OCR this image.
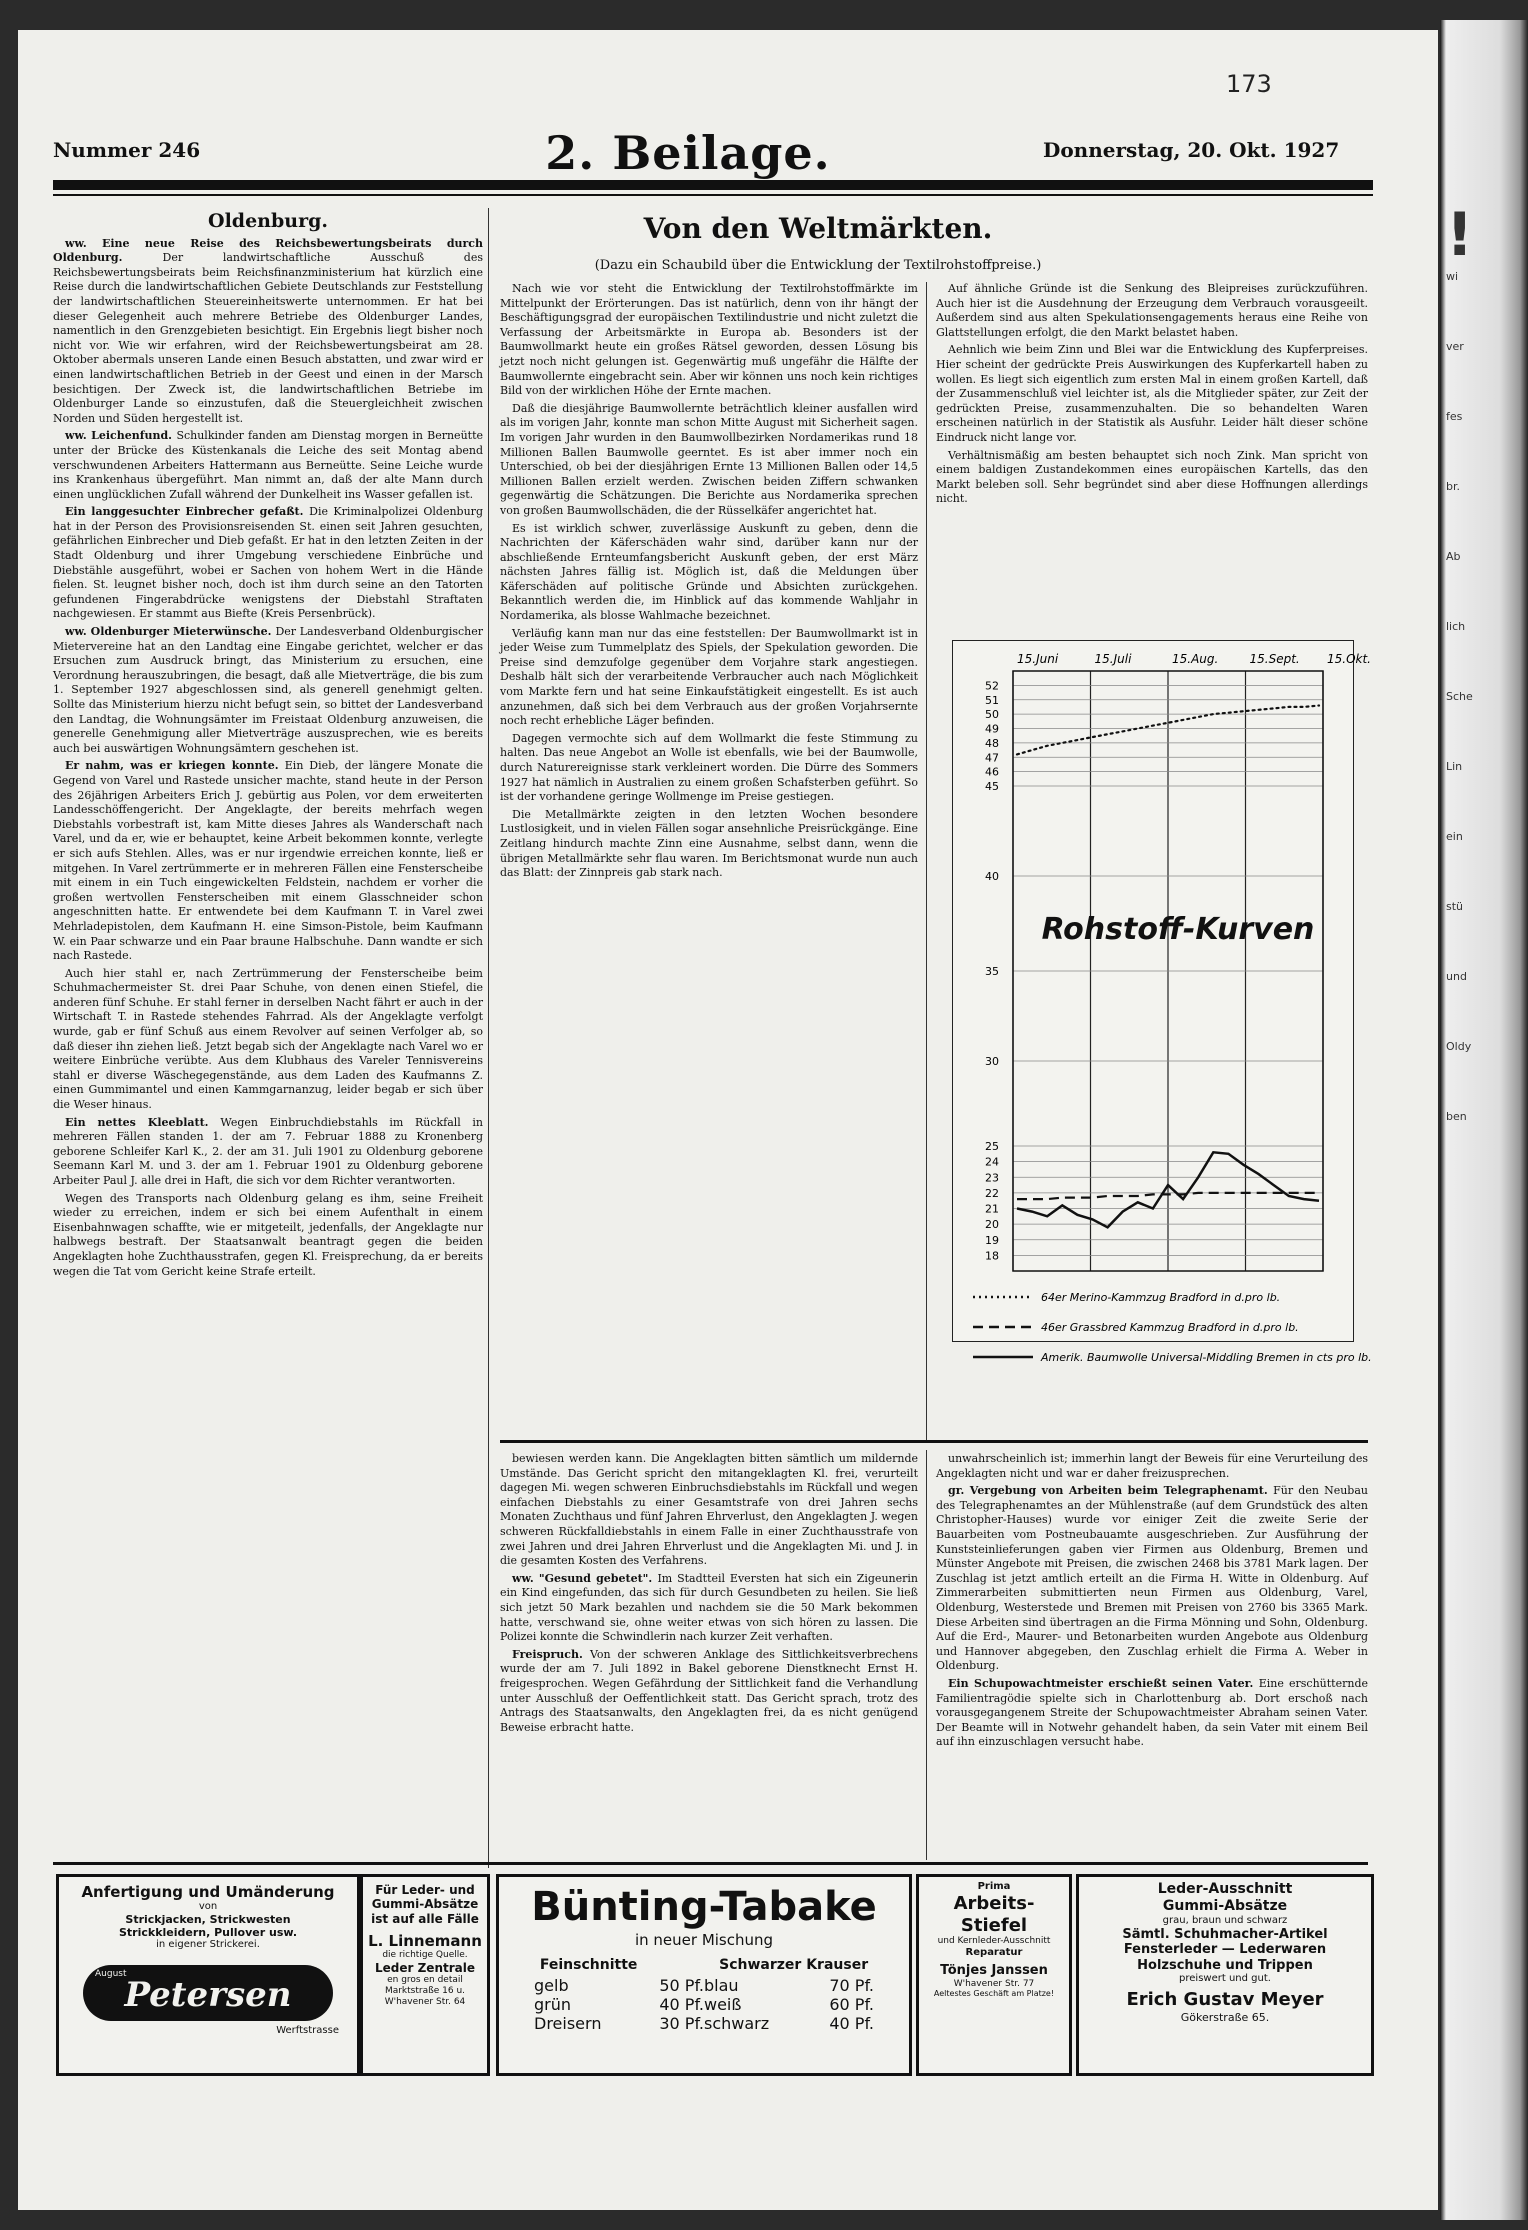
173
Nummer 246	2. Beilage.	Donnerstag, 20. Okt. 1927
Oldenburg.

ww. Eine neue Reise des Reichsbewertungsbeirats durch Oldenburg. Der landwirtschaftliche Ausschuß des Reichsbewertungsbeirats beim Reichsfinanzministerium hat kürzlich eine Reise durch die landwirtschaftlichen Gebiete Deutschlands zur Feststellung der landwirtschaftlichen Steuereinheitswerte unternommen. Er hat bei dieser Gelegenheit auch mehrere Betriebe des Oldenburger Landes, namentlich in den Grenzgebieten besichtigt. Ein Ergebnis liegt bisher noch nicht vor. Wie wir erfahren, wird der Reichsbewertungsbeirat am 28. Oktober abermals unseren Lande einen Besuch abstatten, und zwar wird er einen landwirtschaftlichen Betrieb in der Geest und einen in der Marsch besichtigen. Der Zweck ist, die landwirtschaftlichen Betriebe im Oldenburger Lande so einzustufen, daß die Steuergleichheit zwischen Norden und Süden hergestellt ist.

ww. Leichenfund. Schulkinder fanden am Dienstag morgen in Berneütte unter der Brücke des Küstenkanals die Leiche des seit Montag abend verschwundenen Arbeiters Hattermann aus Berneütte. Seine Leiche wurde ins Krankenhaus übergeführt. Man nimmt an, daß der alte Mann durch einen unglücklichen Zufall während der Dunkelheit ins Wasser gefallen ist.

Ein langgesuchter Einbrecher gefaßt. Die Kriminalpolizei Oldenburg hat in der Person des Provisionsreisenden St. einen seit Jahren gesuchten, gefährlichen Einbrecher und Dieb gefaßt. Er hat in den letzten Zeiten in der Stadt Oldenburg und ihrer Umgebung verschiedene Einbrüche und Diebstähle ausgeführt, wobei er Sachen von hohem Wert in die Hände fielen. St. leugnet bisher noch, doch ist ihm durch seine an den Tatorten gefundenen Fingerabdrücke wenigstens der Diebstahl Straftaten nachgewiesen. Er stammt aus Biefte (Kreis Persenbrück).

ww. Oldenburger Mieterwünsche. Der Landesverband Oldenburgischer Mietervereine hat an den Landtag eine Eingabe gerichtet, welcher er das Ersuchen zum Ausdruck bringt, das Ministerium zu ersuchen, eine Verordnung herauszubringen, die besagt, daß alle Mietverträge, die bis zum 1. September 1927 abgeschlossen sind, als generell genehmigt gelten. Sollte das Ministerium hierzu nicht befugt sein, so bittet der Landesverband den Landtag, die Wohnungsämter im Freistaat Oldenburg anzuweisen, die generelle Genehmigung aller Mietverträge auszusprechen, wie es bereits auch bei auswärtigen Wohnungsämtern geschehen ist.

Er nahm, was er kriegen konnte. Ein Dieb, der längere Monate die Gegend von Varel und Rastede unsicher machte, stand heute in der Person des 26jährigen Arbeiters Erich J. gebürtig aus Polen, vor dem erweiterten Landesschöffengericht. Der Angeklagte, der bereits mehrfach wegen Diebstahls vorbestraft ist, kam Mitte dieses Jahres als Wanderschaft nach Varel, und da er, wie er behauptet, keine Arbeit bekommen konnte, verlegte er sich aufs Stehlen. Alles, was er nur irgendwie erreichen konnte, ließ er mitgehen. In Varel zertrümmerte er in mehreren Fällen eine Fensterscheibe mit einem in ein Tuch eingewickelten Feldstein, nachdem er vorher die großen wertvollen Fensterscheiben mit einem Glasschneider schon angeschnitten hatte. Er entwendete bei dem Kaufmann T. in Varel zwei Mehrladepistolen, dem Kaufmann H. eine Simson-Pistole, beim Kaufmann W. ein Paar schwarze und ein Paar braune Halbschuhe. Dann wandte er sich nach Rastede.

Auch hier stahl er, nach Zertrümmerung der Fensterscheibe beim Schuhmachermeister St. drei Paar Schuhe, von denen einen Stiefel, die anderen fünf Schuhe. Er stahl ferner in derselben Nacht fährt er auch in der Wirtschaft T. in Rastede stehendes Fahrrad. Als der Angeklagte verfolgt wurde, gab er fünf Schuß aus einem Revolver auf seinen Verfolger ab, so daß dieser ihn ziehen ließ. Jetzt begab sich der Angeklagte nach Varel wo er weitere Einbrüche verübte. Aus dem Klubhaus des Vareler Tennisvereins stahl er diverse Wäschegegenstände, aus dem Laden des Kaufmanns Z. einen Gummimantel und einen Kammgarnanzug, leider begab er sich über die Weser hinaus.

Ein nettes Kleeblatt. Wegen Einbruchdiebstahls im Rückfall in mehreren Fällen standen 1. der am 7. Februar 1888 zu Kronenberg geborene Schleifer Karl K., 2. der am 31. Juli 1901 zu Oldenburg geborene Seemann Karl M. und 3. der am 1. Februar 1901 zu Oldenburg geborene Arbeiter Paul J. alle drei in Haft, die sich vor dem Richter verantworten.

Wegen des Transports nach Oldenburg gelang es ihm, seine Freiheit wieder zu erreichen, indem er sich bei einem Aufenthalt in einem Eisenbahnwagen schaffte, wie er mitgeteilt, jedenfalls, der Angeklagte nur halbwegs bestraft. Der Staatsanwalt beantragt gegen die beiden Angeklagten hohe Zuchthausstrafen, gegen Kl. Freisprechung, da er bereits wegen die Tat vom Gericht keine Strafe erteilt.

Von den Weltmärkten.
(Dazu ein Schaubild über die Entwicklung der Textilrohstoffpreise.)

Nach wie vor steht die Entwicklung der Textilrohstoffmärkte im Mittelpunkt der Erörterungen. Das ist natürlich, denn von ihr hängt der Beschäftigungsgrad der europäischen Textilindustrie und nicht zuletzt die Verfassung der Arbeitsmärkte in Europa ab. Besonders ist der Baumwollmarkt heute ein großes Rätsel geworden, dessen Lösung bis jetzt noch nicht gelungen ist. Gegenwärtig muß ungefähr die Hälfte der Baumwollernte eingebracht sein. Aber wir können uns noch kein richtiges Bild von der wirklichen Höhe der Ernte machen.

Daß die diesjährige Baumwollernte beträchtlich kleiner ausfallen wird als im vorigen Jahr, konnte man schon Mitte August mit Sicherheit sagen. Im vorigen Jahr wurden in den Baumwollbezirken Nordamerikas rund 18 Millionen Ballen Baumwolle geerntet. Es ist aber immer noch ein Unterschied, ob bei der diesjährigen Ernte 13 Millionen Ballen oder 14,5 Millionen Ballen erzielt werden. Zwischen beiden Ziffern schwanken gegenwärtig die Schätzungen. Die Berichte aus Nordamerika sprechen von großen Baumwollschäden, die der Rüsselkäfer angerichtet hat.

Es ist wirklich schwer, zuverlässige Auskunft zu geben, denn die Nachrichten der Käferschäden wahr sind, darüber kann nur der abschließende Ernteumfangsbericht Auskunft geben, der erst März nächsten Jahres fällig ist. Möglich ist, daß die Meldungen über Käferschäden auf politische Gründe und Absichten zurückgehen. Bekanntlich werden die, im Hinblick auf das kommende Wahljahr in Nordamerika, als blosse Wahlmache bezeichnet.

Verläufig kann man nur das eine feststellen: Der Baumwollmarkt ist in jeder Weise zum Tummelplatz des Spiels, der Spekulation geworden. Die Preise sind demzufolge gegenüber dem Vorjahre stark angestiegen. Deshalb hält sich der verarbeitende Verbraucher auch nach Möglichkeit vom Markte fern und hat seine Einkaufstätigkeit eingestellt. Es ist auch anzunehmen, daß sich bei dem Verbrauch aus der großen Vorjahrsernte noch recht erhebliche Läger befinden.

Dagegen vermochte sich auf dem Wollmarkt die feste Stimmung zu halten. Das neue Angebot an Wolle ist ebenfalls, wie bei der Baumwolle, durch Naturereignisse stark verkleinert worden. Die Dürre des Sommers 1927 hat nämlich in Australien zu einem großen Schafsterben geführt. So ist der vorhandene geringe Wollmenge im Preise gestiegen.

Die Metallmärkte zeigten in den letzten Wochen besondere Lustlosigkeit, und in vielen Fällen sogar ansehnliche Preisrückgänge. Eine Zeitlang hindurch machte Zinn eine Ausnahme, selbst dann, wenn die übrigen Metallmärkte sehr flau waren. Im Berichtsmonat wurde nun auch das Blatt: der Zinnpreis gab stark nach.

Auf ähnliche Gründe ist die Senkung des Bleipreises zurückzuführen. Auch hier ist die Ausdehnung der Erzeugung dem Verbrauch vorausgeeilt. Außerdem sind aus alten Spekulationsengagements heraus eine Reihe von Glattstellungen erfolgt, die den Markt belastet haben.

Aehnlich wie beim Zinn und Blei war die Entwicklung des Kupferpreises. Hier scheint der gedrückte Preis Auswirkungen des Kupferkartell haben zu wollen. Es liegt sich eigentlich zum ersten Mal in einem großen Kartell, daß der Zusammenschluß viel leichter ist, als die Mitglieder später, zur Zeit der gedrückten Preise, zusammenzuhalten. Die so behandelten Waren erscheinen natürlich in der Statistik als Ausfuhr. Leider hält dieser schöne Eindruck nicht lange vor.

Verhältnismäßig am besten behauptet sich noch Zink. Man spricht von einem baldigen Zustandekommen eines europäischen Kartells, das den Markt beleben soll. Sehr begründet sind aber diese Hoffnungen allerdings nicht.

15.Juni	15.Juli	15.Aug.	15.Sept. 15.Okt.
52
51
50
49
48
47
46
45
40
35
30
25
24
23
22
21
20
19
18
Rohstoff-Kurven
64er Merino-Kammzug Bradford in d.pro lb.
46er Grassbred Kammzug Bradford in d.pro lb.
Amerik. Baumwolle Universal-Middling Bremen in cts pro lb.

bewiesen werden kann. Die Angeklagten bitten sämtlich um mildernde Umstände. Das Gericht spricht den mitangeklagten Kl. frei, verurteilt dagegen Mi. wegen schweren Einbruchsdiebstahls im Rückfall und wegen einfachen Diebstahls zu einer Gesamtstrafe von drei Jahren sechs Monaten Zuchthaus und fünf Jahren Ehrverlust, den Angeklagten J. wegen schweren Rückfalldiebstahls in einem Falle in einer Zuchthausstrafe von zwei Jahren und drei Jahren Ehrverlust und die Angeklagten Mi. und J. in die gesamten Kosten des Verfahrens.

ww. "Gesund gebetet". Im Stadtteil Eversten hat sich ein Zigeunerin ein Kind eingefunden, das sich für durch Gesundbeten zu heilen. Sie ließ sich jetzt 50 Mark bezahlen und nachdem sie die 50 Mark bekommen hatte, verschwand sie, ohne weiter etwas von sich hören zu lassen. Die Polizei konnte die Schwindlerin nach kurzer Zeit verhaften.

Freispruch. Von der schweren Anklage des Sittlichkeitsverbrechens wurde der am 7. Juli 1892 in Bakel geborene Dienstknecht Ernst H. freigesprochen. Wegen Gefährdung der Sittlichkeit fand die Verhandlung unter Ausschluß der Oeffentlichkeit statt. Das Gericht sprach, trotz des Antrags des Staatsanwalts, den Angeklagten frei, da es nicht genügend Beweise erbracht hatte.

unwahrscheinlich ist; immerhin langt der Beweis für eine Verurteilung des Angeklagten nicht und war er daher freizusprechen.

gr. Vergebung von Arbeiten beim Telegraphenamt. Für den Neubau des Telegraphenamtes an der Mühlenstraße (auf dem Grundstück des alten Christopher-Hauses) wurde vor einiger Zeit die zweite Serie der Bauarbeiten vom Postneubauamte ausgeschrieben. Zur Ausführung der Kunststeinlieferungen gaben vier Firmen aus Oldenburg, Bremen und Münster Angebote mit Preisen, die zwischen 2468 bis 3781 Mark lagen. Der Zuschlag ist jetzt amtlich erteilt an die Firma H. Witte in Oldenburg. Auf Zimmerarbeiten submittierten neun Firmen aus Oldenburg, Varel, Oldenburg, Westerstede und Bremen mit Preisen von 2760 bis 3365 Mark. Diese Arbeiten sind übertragen an die Firma Mönning und Sohn, Oldenburg. Auf die Erd-, Maurer- und Betonarbeiten wurden Angebote aus Oldenburg und Hannover abgegeben, den Zuschlag erhielt die Firma A. Weber in Oldenburg.

Ein Schupowachtmeister erschießt seinen Vater. Eine erschütternde Familientragödie spielte sich in Charlottenburg ab. Dort erschoß nach vorausgegangenem Streite der Schupowachtmeister Abraham seinen Vater. Der Beamte will in Notwehr gehandelt haben, da sein Vater mit einem Beil auf ihn einzuschlagen versucht habe.

Anfertigung und Umänderung
von
Strickjacken, Strickwesten
Strickkleidern, Pullover usw.
in eigener Strickerei.
August
Petersen
Werftstrasse
Für Leder- und Gummi-Absätze ist auf alle Fälle
L. Linnemann
die richtige Quelle.
Leder Zentrale
en gros en detail
Marktstraße 16 u.
W'havener Str. 64
Bünting-Tabake
in neuer Mischung
Feinschnitte	Schwarzer Krauser
gelb	50 Pf. blau	70 Pf.
grün	40 Pf. weiß	60 Pf.
Dreisern	30 Pf. schwarz	40 Pf.
Prima
Arbeits-
Stiefel
und Kernleder-Ausschnitt
Reparatur
Tönjes Janssen
W'havener Str. 77
Aeltestes Geschäft am Platze!
Leder-Ausschnitt
Gummi-Absätze
grau, braun und schwarz
Sämtl. Schuhmacher-Artikel
Fensterleder — Lederwaren
Holzschuhe und Trippen
preiswert und gut.
Erich Gustav Meyer
Gökerstraße 65.
!
wi
ver
fes
br.
Ab
lich
Sche
Lin
ein
stü
und
Oldy
ben
